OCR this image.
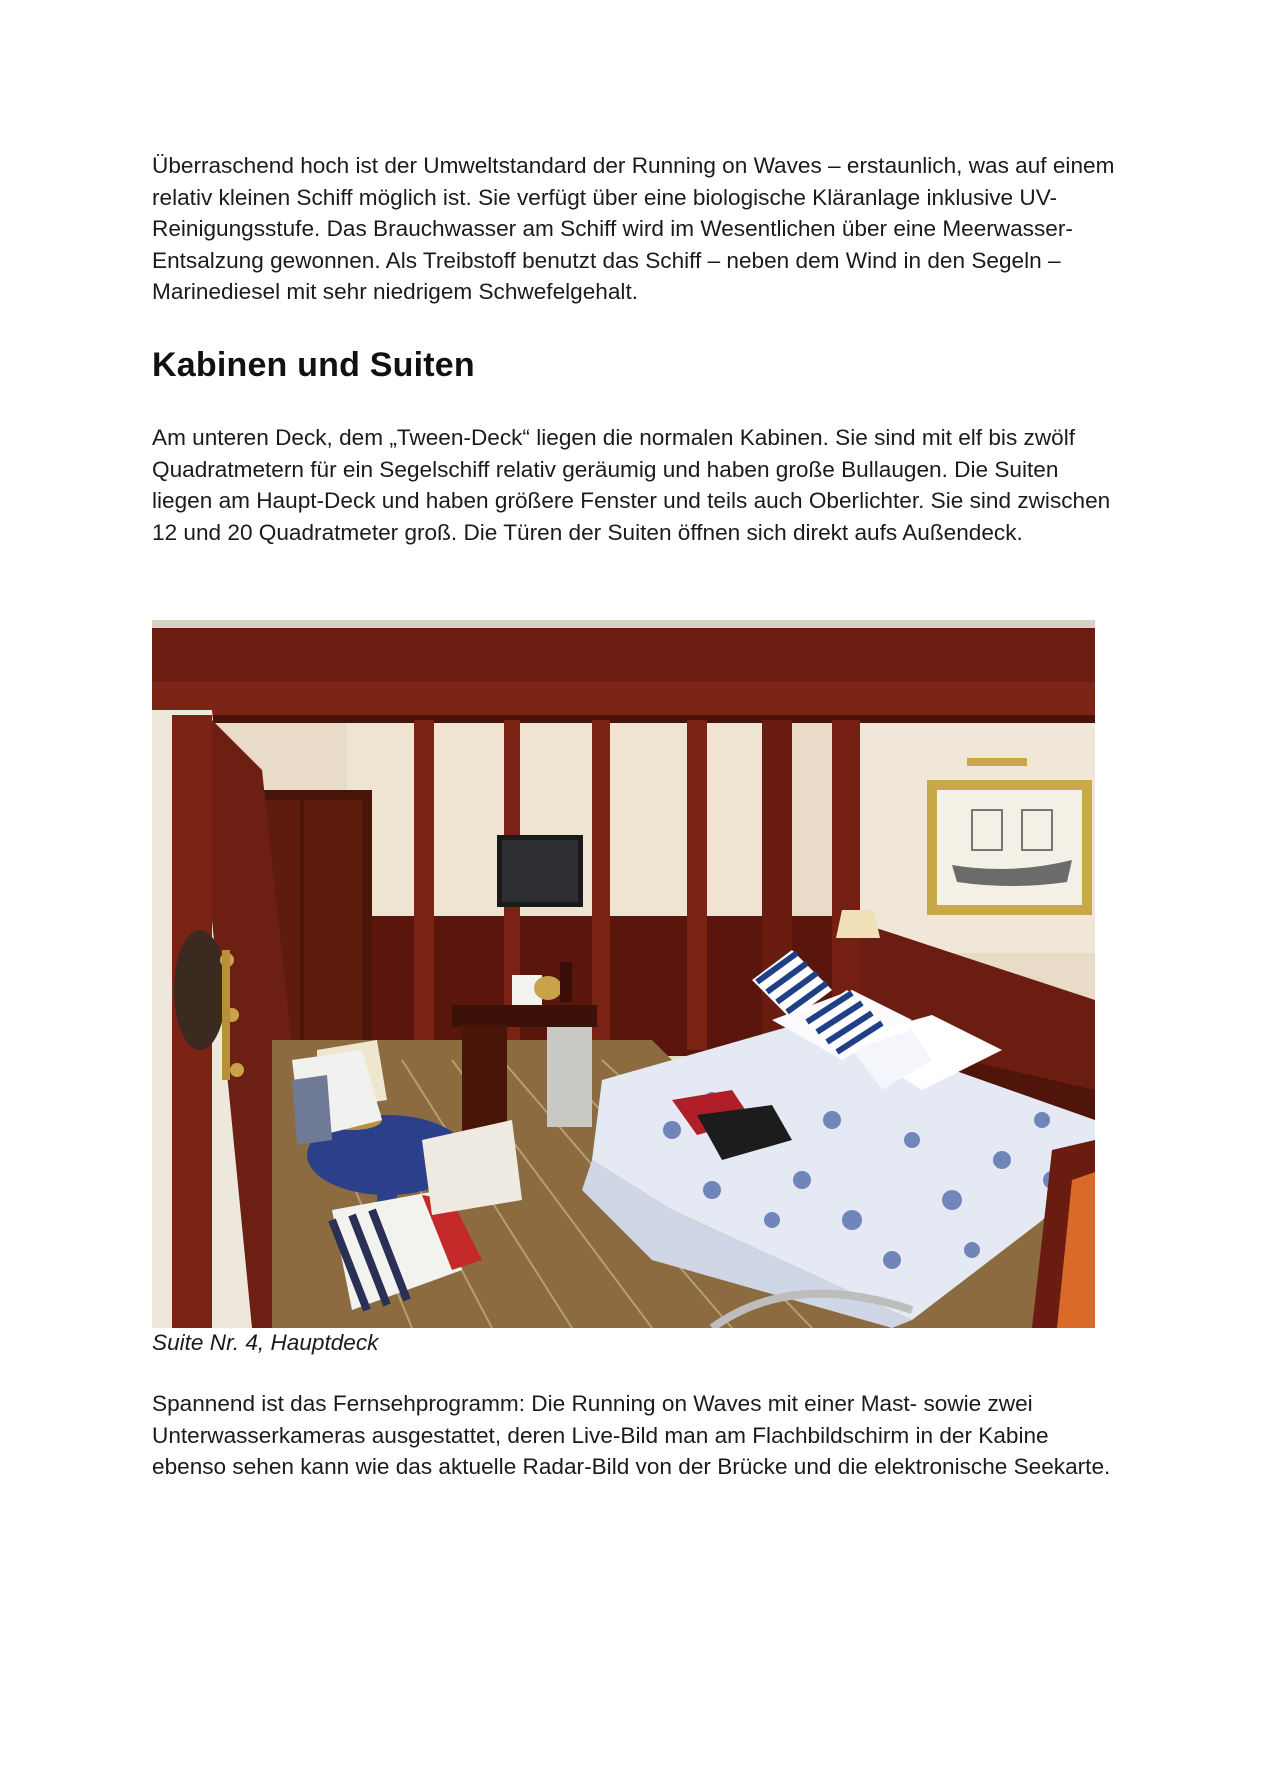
Überraschend hoch ist der Umweltstandard der Running on Waves – erstaunlich, was auf einem relativ kleinen Schiff möglich ist. Sie verfügt über eine biologische Kläranlage inklusive UV-Reinigungsstufe. Das Brauchwasser am Schiff wird im Wesentlichen über eine Meerwasser-Entsalzung gewonnen. Als Treibstoff benutzt das Schiff – neben dem Wind in den Segeln – Marinediesel mit sehr niedrigem Schwefelgehalt.

Kabinen und Suiten

Am unteren Deck, dem „Tween-Deck“ liegen die normalen Kabinen. Sie sind mit elf bis zwölf Quadratmetern für ein Segelschiff relativ geräumig und haben große Bullaugen. Die Suiten liegen am Haupt-Deck und haben größere Fenster und teils auch Oberlichter. Sie sind zwischen 12 und 20 Quadratmeter groß. Die Türen der Suiten öffnen sich direkt aufs Außendeck.

Suite Nr. 4, Hauptdeck

Spannend ist das Fernsehprogramm: Die Running on Waves mit einer Mast- sowie zwei Unterwasserkameras ausgestattet, deren Live-Bild man am Flachbildschirm in der Kabine ebenso sehen kann wie das aktuelle Radar-Bild von der Brücke und die elektronische Seekarte.
